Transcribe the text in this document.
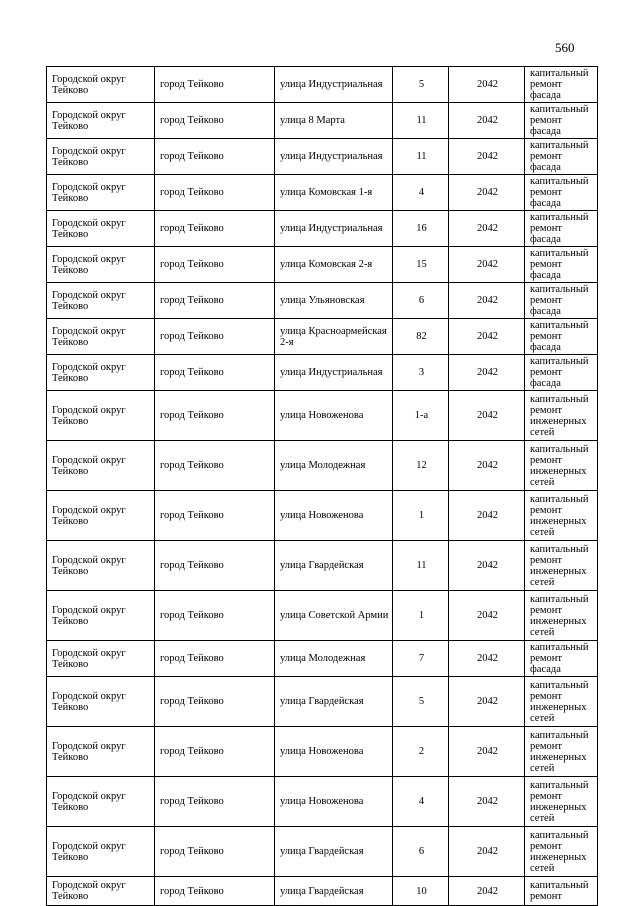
560
Городской округ Тейково	город Тейково	улица Индустриальная	5	2042	капитальный ремонт фасада
Городской округ Тейково	город Тейково	улица 8 Марта	11	2042	капитальный ремонт фасада
Городской округ Тейково	город Тейково	улица Индустриальная	11	2042	капитальный ремонт фасада
Городской округ Тейково	город Тейково	улица Комовская 1-я	4	2042	капитальный ремонт фасада
Городской округ Тейково	город Тейково	улица Индустриальная	16	2042	капитальный ремонт фасада
Городской округ Тейково	город Тейково	улица Комовская 2-я	15	2042	капитальный ремонт фасада
Городской округ Тейково	город Тейково	улица Ульяновская	6	2042	капитальный ремонт фасада
Городской округ Тейково	город Тейково	улица Красноармейская 2-я	82	2042	капитальный ремонт фасада
Городской округ Тейково	город Тейково	улица Индустриальная	3	2042	капитальный ремонт фасада
Городской округ Тейково	город Тейково	улица Новоженова	1-а	2042	капитальный ремонт инженерных сетей
Городской округ Тейково	город Тейково	улица Молодежная	12	2042	капитальный ремонт инженерных сетей
Городской округ Тейково	город Тейково	улица Новоженова	1	2042	капитальный ремонт инженерных сетей
Городской округ Тейково	город Тейково	улица Гвардейская	11	2042	капитальный ремонт инженерных сетей
Городской округ Тейково	город Тейково	улица Советской Армии	1	2042	капитальный ремонт инженерных сетей
Городской округ Тейково	город Тейково	улица Молодежная	7	2042	капитальный ремонт фасада
Городской округ Тейково	город Тейково	улица Гвардейская	5	2042	капитальный ремонт инженерных сетей
Городской округ Тейково	город Тейково	улица Новоженова	2	2042	капитальный ремонт инженерных сетей
Городской округ Тейково	город Тейково	улица Новоженова	4	2042	капитальный ремонт инженерных сетей
Городской округ Тейково	город Тейково	улица Гвардейская	6	2042	капитальный ремонт инженерных сетей
Городской округ Тейково	город Тейково	улица Гвардейская	10	2042	капитальный ремонт
